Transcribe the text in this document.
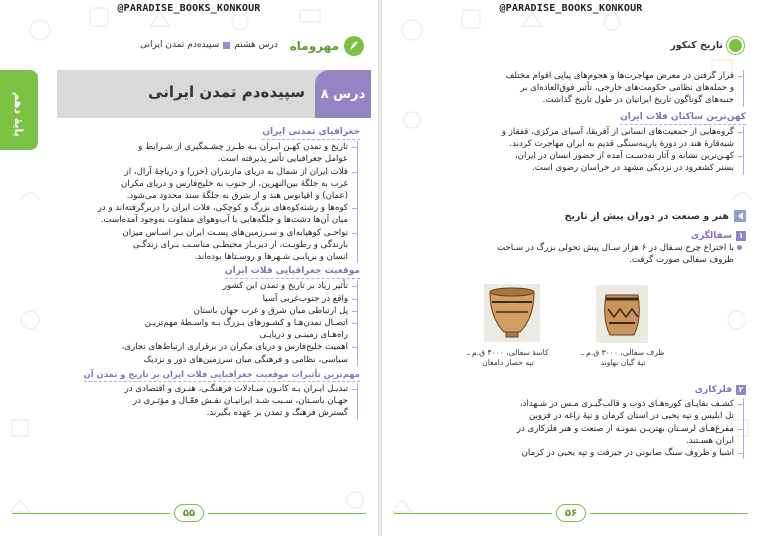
@PARADISE_BOOKS_KONKOUR
مهروماه
درس هشتم
سپیده‌دم تمدن ایرانی
پایهٔ دهم	درس ۸
سپیده‌دم تمدن ایرانی
جغرافیای تمدنی ایران
تاریخ و تمدن کهـن ایـران بـه طـرز چشـمگیری از شـرایط و
عوامل جغرافیایی تأثیر پذیرفته است.
فلات ایران از شمال به دریای مازندران (خزر) و دریاچهٔ آرال، از
غرب به جلگهٔ بین‌النهرین، از جنوب به خلیج‌فارس و دریای مکران
(عمان) و اقیانوس هند و از شرق به جلگهٔ سند محدود می‌شود.
کوه‌ها و رشته‌کوه‌های بزرگ و کوچکی، فلات ایران را دربرگرفته‌اند و در
میان آن‌ها دشت‌ها و جلگه‌هایی با آب‌وهوای متفاوت به‌وجود آمده‌است.
نواحـی کوهپایه‌ای و سـرزمین‌های پسـت ایران بـر اسـاس میزان
بارندگی و رطوبـت، از دیربـاز محیطـی مناسـب بـرای زندگـی
انسان و برپایـی شـهرها و روسـتاها بوده‌اند.
موقعیت جغرافیایی فلات ایران
تأثیر زیاد بر تاریخ و تمدن این کشور
واقع در جنوب‌غربی آسیا
پل ارتباطی میان شرق و غرب جهان باستان
اتصـال تمدن‌هـا و کشـورهای بـزرگ بـه واسـطهٔ مهم‌تریـن
راه‌هـای زمینـی و دریایـی
اهمیت خلیج‌فارس و دریای مکران در برقراری ارتباط‌های تجاری،
سیاسی، نظامی و فرهنگی میان سرزمین‌های دور و نزدیک
مهم‌ترین تأثیرات موقعیت جغرافیایی فلات ایران بر تاریخ و تمدن آن
تبدیـل ایـران بـه کانـون مبـادلات فرهنگـی، هنـری و اقتصادی در
جهـان باسـتان، سـبب شـد ایرانیـان نقـش فعّـال و مؤثـری در
گسترش فرهنگ و تمدن بر عهده بگیرند.
۵۵
@PARADISE_BOOKS_KONKOUR
تاریخ کنکور
قرار گرفتن در معرض مهاجرت‌ها و هجوم‌های پیاپی اقوام مختلف
و حمله‌های نظامی حکومت‌های خارجی، تأثیر فوق‌العاده‌ای بر
جنبه‌های گوناگون تاریخ ایرانیان در طول تاریخ گذاشت.
کهن‌ترین ساکنان فلات ایران
گروه‌هایی از جمعیت‌های انسانی از آفریقا، آسیای مرکزی، قفقاز و
شبه‌قارهٔ هند در دورهٔ پارینه‌سنگی قدیم به ایران مهاجرت کردند.
کهـن‌ترین نشانه و آثار به‌دسـت آمده از حضور انسان در ایران،
بستر کشفرود در نزدیکی مشهد در خراسان رضوی است.
هنر و صنعت در دوران پیش از تاریخ
۱
سفالگری
با اختراع چرخ سـفال در ۶ هزار سـال پیش تحولی بزرگ در سـاخت
ظروف سفالی صورت گرفت.
کاسهٔ سفالی، ۴۰۰۰ ق.م ـ
تپه حصار دامغان
ظرف سفالی، ۳۰۰۰ ق.م ـ
تپهٔ گیان نهاوند
۲
فلزکاری
کشـف بقایـای کوره‌هـای ذوب و قالب‌گیـری مـس در شـهداد،
تل ابلیس و تپه یحیی در استان کرمان و تپهٔ زاغه در قزوین
مفرغ‌هـای لرسـتان بهتریـن نمونـه از صنعت و هنر فلزکاری در
ایران هسـتند.
اشیا و ظروف سنگ صابونی در جیرفت و تپه یحیی در کرمان
۵۶
